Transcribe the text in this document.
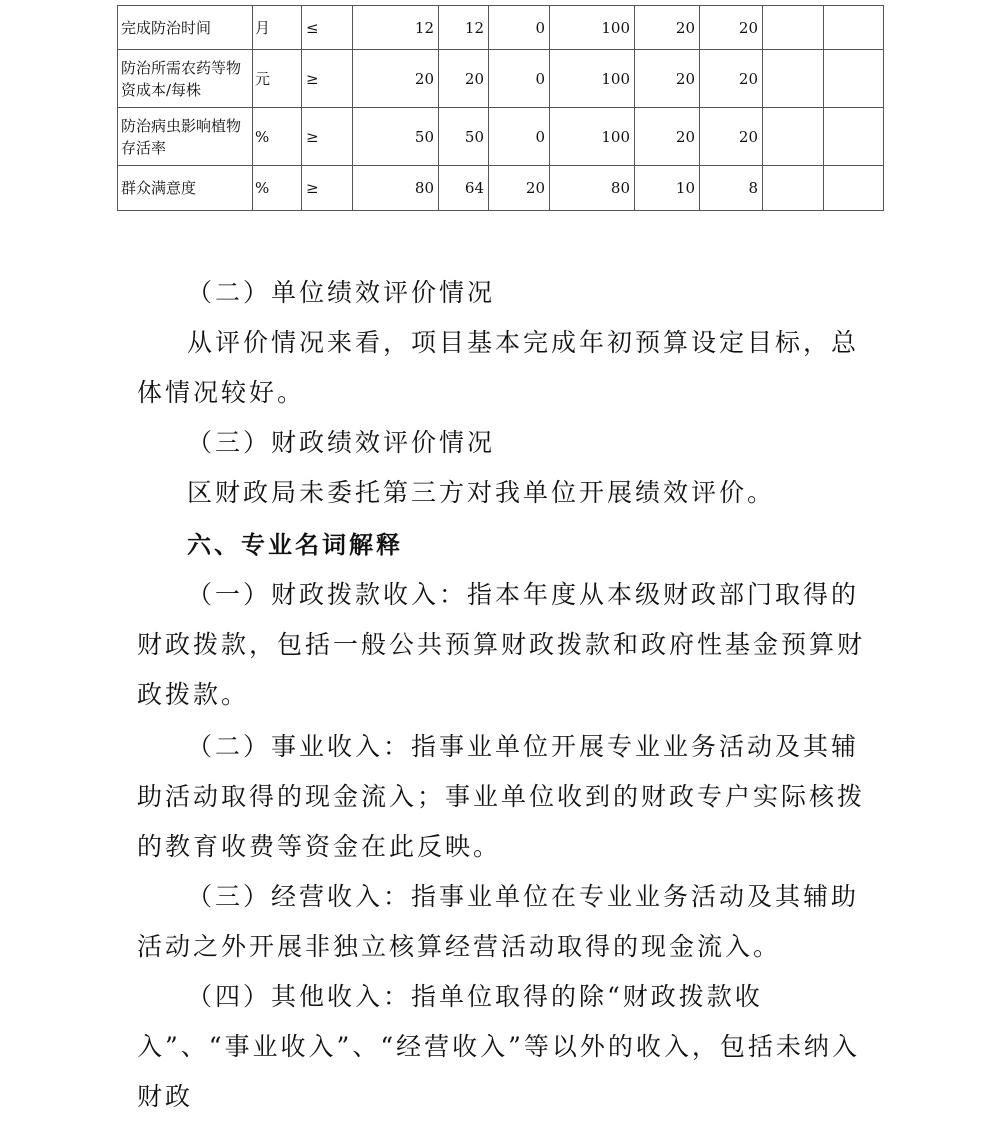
完成防治时间	月	≤	12	12	0	100	20	20		
防治所需农药等物资成本/每株	元	≥	20	20	0	100	20	20		
防治病虫影响植物存活率	%	≥	50	50	0	100	20	20		
群众满意度	%	≥	80	64	20	80	10	8		

（二）单位绩效评价情况

从评价情况来看，项目基本完成年初预算设定目标，总体情况较好。

（三）财政绩效评价情况

区财政局未委托第三方对我单位开展绩效评价。

六、专业名词解释

（一）财政拨款收入：指本年度从本级财政部门取得的财政拨款，包括一般公共预算财政拨款和政府性基金预算财政拨款。

（二）事业收入：指事业单位开展专业业务活动及其辅助活动取得的现金流入；事业单位收到的财政专户实际核拨的教育收费等资金在此反映。

（三）经营收入：指事业单位在专业业务活动及其辅助活动之外开展非独立核算经营活动取得的现金流入。

（四）其他收入：指单位取得的除“财政拨款收入”、“事业收入”、“经营收入”等以外的收入，包括未纳入财政
